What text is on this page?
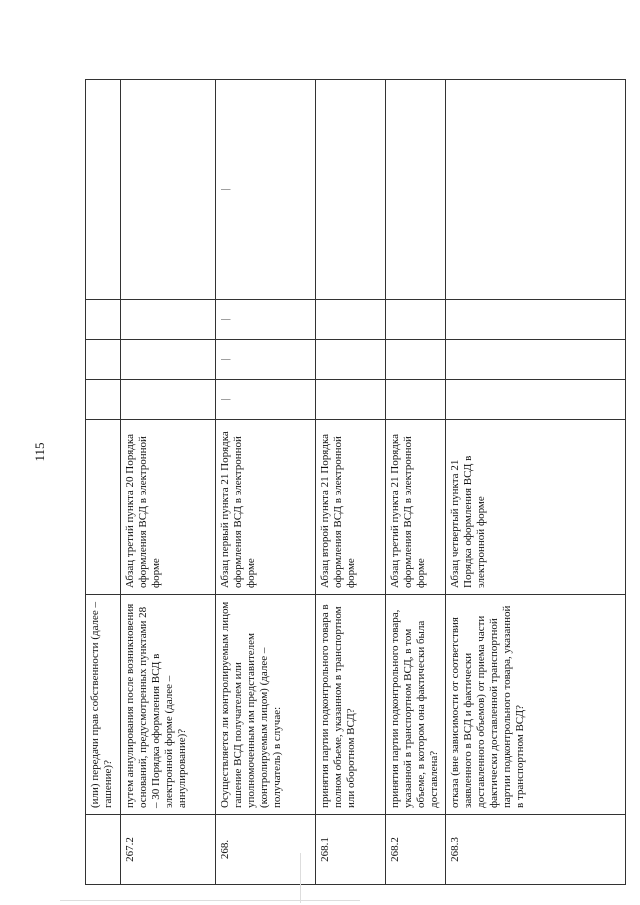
115
	(или) передачи прав собственности (далее – гашение)?					
267.2	путем аннулирования после возникновения оснований, предусмотренных пунктами 28 – 30 Порядка оформления ВСД в электронной форме (далее – аннулирование)?	Абзац третий пункта 20 Порядка оформления ВСД в электронной форме				
268.	Осуществляется ли контролируемым лицом гашение ВСД получателем или уполномоченным им представителем (контролируемым лицом) (далее – получатель) в случае:	Абзац первый пункта 21 Порядка оформления ВСД в электронной форме	|	|	|	|
268.1	принятия партии подконтрольного товара в полном объеме, указанном в транспортном или оборотном ВСД?	Абзац второй пункта 21 Порядка оформления ВСД в электронной форме				
268.2	принятия партии подконтрольного товара, указанной в транспортном ВСД, в том объеме, в котором она фактически была доставлена?	Абзац третий пункта 21 Порядка оформления ВСД в электронной форме				
268.3	отказа (вне зависимости от соответствия заявленного в ВСД и фактически доставленного объемов) от приема части фактически доставленной транспортной партии подконтрольного товара, указанной в транспортном ВСД?	Абзац четвертый пункта 21 Порядка оформления ВСД в электронной форме				
